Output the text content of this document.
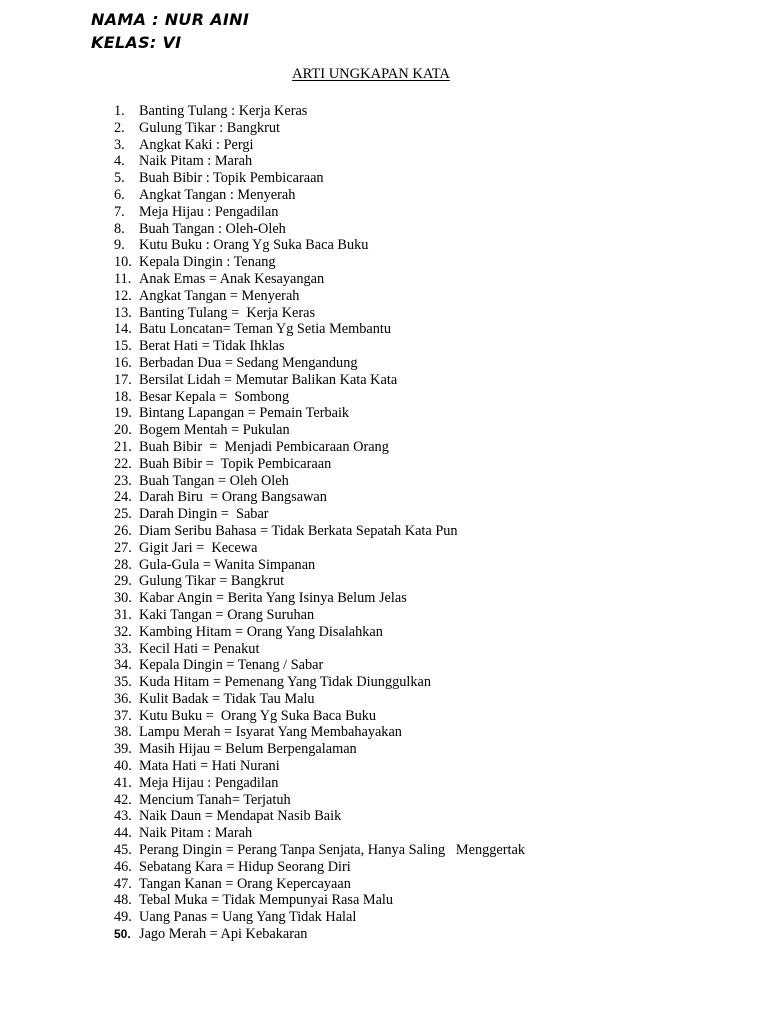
NAMA : NUR AINI
KELAS: VI
ARTI UNGKAPAN KATA
1. Banting Tulang : Kerja Keras
2. Gulung Tikar : Bangkrut
3. Angkat Kaki : Pergi
4. Naik Pitam : Marah
5. Buah Bibir : Topik Pembicaraan
6. Angkat Tangan : Menyerah
7. Meja Hijau : Pengadilan
8. Buah Tangan : Oleh-Oleh
9. Kutu Buku : Orang Yg Suka Baca Buku
10. Kepala Dingin : Tenang
11. Anak Emas = Anak Kesayangan
12. Angkat Tangan = Menyerah
13. Banting Tulang =  Kerja Keras
14. Batu Loncatan= Teman Yg Setia Membantu
15. Berat Hati = Tidak Ihklas
16. Berbadan Dua = Sedang Mengandung
17. Bersilat Lidah = Memutar Balikan Kata Kata
18. Besar Kepala =  Sombong
19. Bintang Lapangan = Pemain Terbaik
20. Bogem Mentah = Pukulan
21. Buah Bibir  =  Menjadi Pembicaraan Orang
22. Buah Bibir =  Topik Pembicaraan
23. Buah Tangan = Oleh Oleh
24. Darah Biru  = Orang Bangsawan
25. Darah Dingin =  Sabar
26. Diam Seribu Bahasa = Tidak Berkata Sepatah Kata Pun
27. Gigit Jari =  Kecewa
28. Gula-Gula = Wanita Simpanan
29. Gulung Tikar = Bangkrut
30. Kabar Angin = Berita Yang Isinya Belum Jelas
31. Kaki Tangan = Orang Suruhan
32. Kambing Hitam = Orang Yang Disalahkan
33. Kecil Hati = Penakut
34. Kepala Dingin = Tenang / Sabar
35. Kuda Hitam = Pemenang Yang Tidak Diunggulkan
36. Kulit Badak = Tidak Tau Malu
37. Kutu Buku =  Orang Yg Suka Baca Buku
38. Lampu Merah = Isyarat Yang Membahayakan
39. Masih Hijau = Belum Berpengalaman
40. Mata Hati = Hati Nurani
41. Meja Hijau : Pengadilan
42. Mencium Tanah= Terjatuh
43. Naik Daun = Mendapat Nasib Baik
44. Naik Pitam : Marah
45. Perang Dingin = Perang Tanpa Senjata, Hanya Saling   Menggertak
46. Sebatang Kara = Hidup Seorang Diri
47. Tangan Kanan = Orang Kepercayaan
48. Tebal Muka = Tidak Mempunyai Rasa Malu
49. Uang Panas = Uang Yang Tidak Halal
50. Jago Merah = Api Kebakaran
